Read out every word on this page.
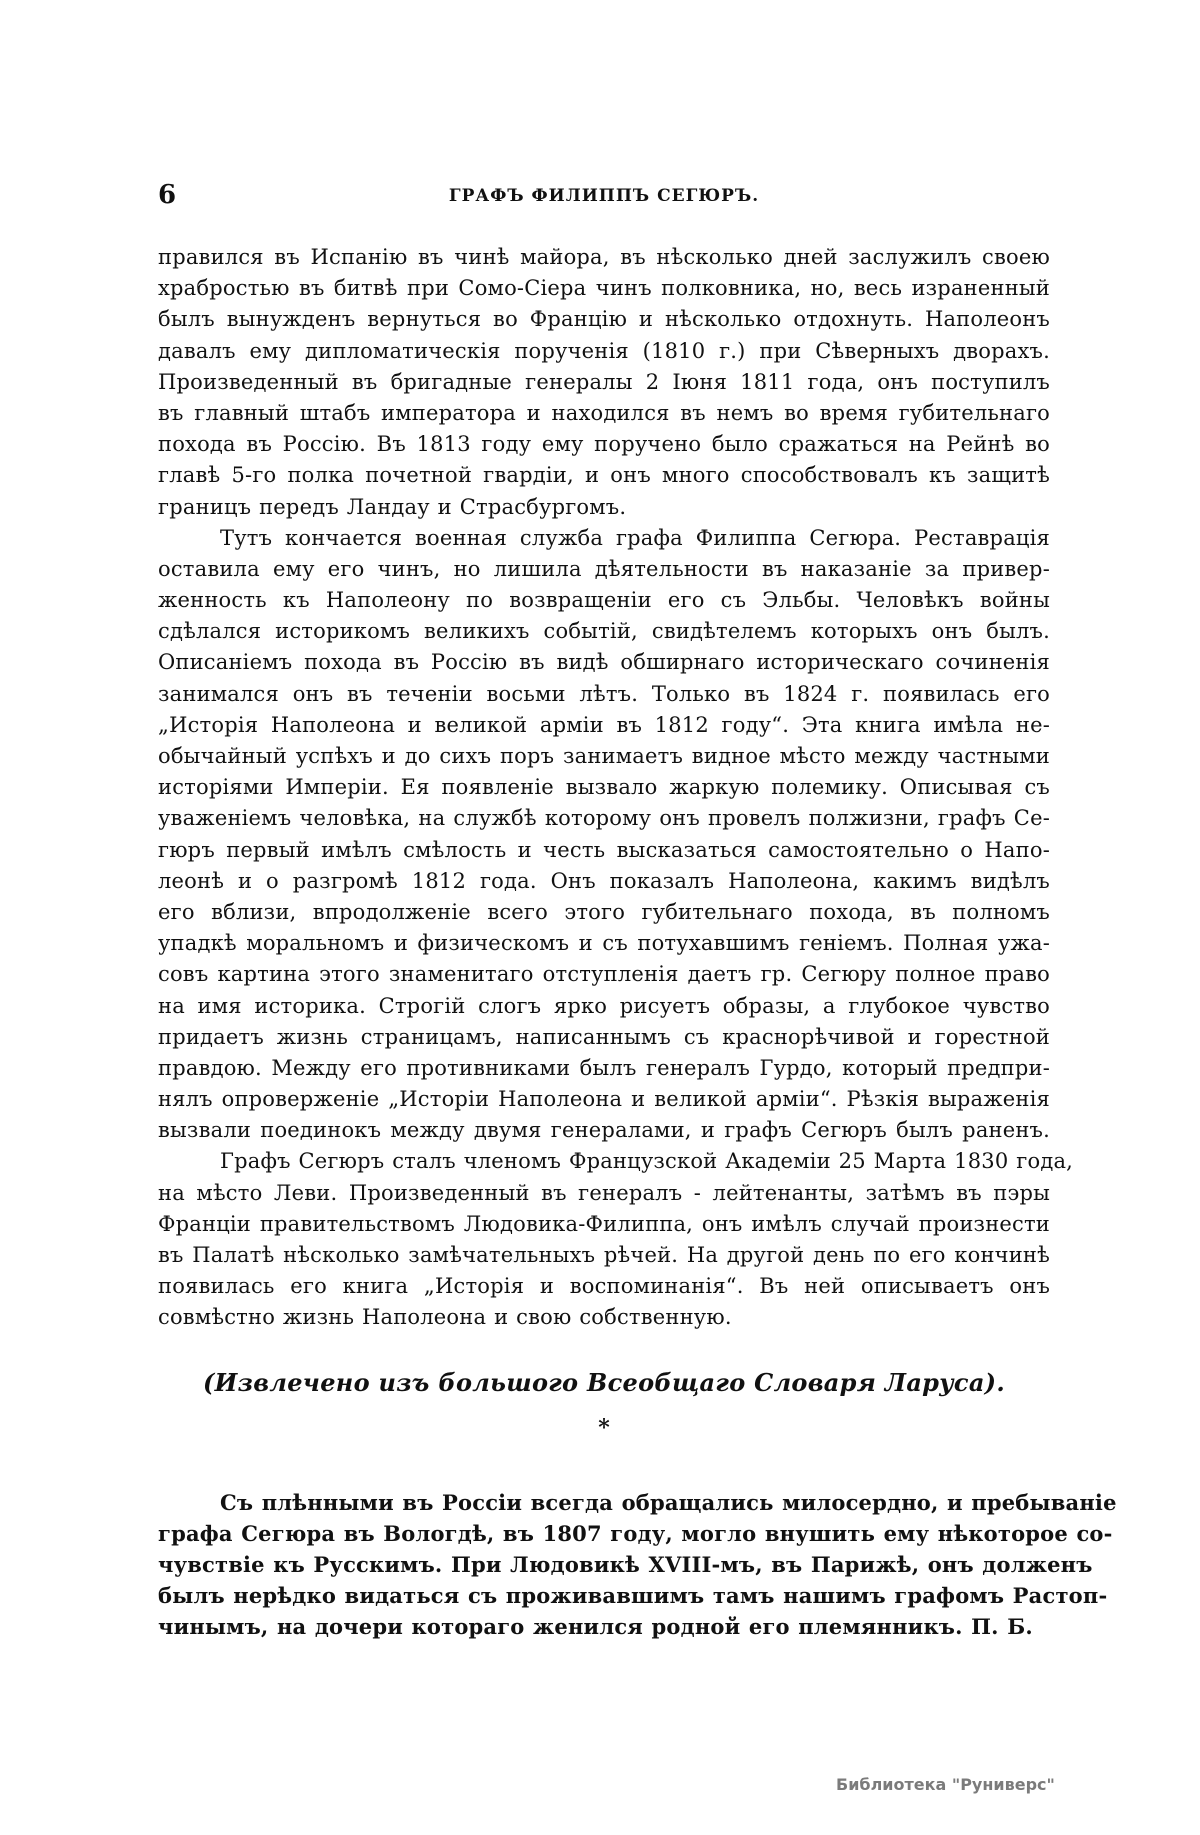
6	ГРАФЪ ФИЛИППЪ СЕГЮРЪ.
правился въ Испанію въ чинѣ майора, въ нѣсколько дней заслужилъ своею
храбростью въ битвѣ при Сомо-Сіера чинъ полковника, но, весь израненный
былъ вынужденъ вернуться во Францію и нѣсколько отдохнуть. Наполеонъ
давалъ ему дипломатическія порученія (1810 г.) при Сѣверныхъ дворахъ.
Произведенный въ бригадные генералы 2 Іюня 1811 года, онъ поступилъ
въ главный штабъ императора и находился въ немъ во время губительнаго
похода въ Россію. Въ 1813 году ему поручено было сражаться на Рейнѣ во
главѣ 5-го полка почетной гвардіи, и онъ много способствовалъ къ защитѣ
границъ передъ Ландау и Страсбургомъ.
Тутъ кончается военная служба графа Филиппа Сегюра. Реставрація
оставила ему его чинъ, но лишила дѣятельности въ наказаніе за привер-
женность къ Наполеону по возвращеніи его съ Эльбы. Человѣкъ войны
сдѣлался историкомъ великихъ событій, свидѣтелемъ которыхъ онъ былъ.
Описаніемъ похода въ Россію въ видѣ обширнаго историческаго сочиненія
занимался онъ въ теченіи восьми лѣтъ. Только въ 1824 г. появилась его
„Исторія Наполеона и великой арміи въ 1812 году“. Эта книга имѣла не-
обычайный успѣхъ и до сихъ поръ занимаетъ видное мѣсто между частными
исторіями Имперіи. Ея появленіе вызвало жаркую полемику. Описывая съ
уваженіемъ человѣка, на службѣ которому онъ провелъ полжизни, графъ Се-
гюръ первый имѣлъ смѣлость и честь высказаться самостоятельно о Напо-
леонѣ и о разгромѣ 1812 года. Онъ показалъ Наполеона, какимъ видѣлъ
его вблизи, впродолженіе всего этого губительнаго похода, въ полномъ
упадкѣ моральномъ и физическомъ и съ потухавшимъ геніемъ. Полная ужа-
совъ картина этого знаменитаго отступленія даетъ гр. Сегюру полное право
на имя историка. Строгій слогъ ярко рисуетъ образы, а глубокое чувство
придаетъ жизнь страницамъ, написаннымъ съ краснорѣчивой и горестной
правдою. Между его противниками былъ генералъ Гурдо, который предпри-
нялъ опроверженіе „Исторіи Наполеона и великой арміи“. Рѣзкія выраженія
вызвали поединокъ между двумя генералами, и графъ Сегюръ былъ раненъ.
Графъ Сегюръ сталъ членомъ Французской Академіи 25 Марта 1830 года,
на мѣсто Леви. Произведенный въ генералъ - лейтенанты, затѣмъ въ пэры
Франціи правительствомъ Людовика-Филиппа, онъ имѣлъ случай произнести
въ Палатѣ нѣсколько замѣчательныхъ рѣчей. На другой день по его кончинѣ
появилась его книга „Исторія и воспоминанія“. Въ ней описываетъ онъ
совмѣстно жизнь Наполеона и свою собственную.
(Извлечено изъ большого Всеобщаго Словаря Ларуса).
*
Съ плѣнными въ Россіи всегда обращались милосердно, и пребываніе
графа Сегюра въ Вологдѣ, въ 1807 году, могло внушить ему нѣкоторое со-
чувствіе къ Русскимъ. При Людовикѣ XVIII-мъ, въ Парижѣ, онъ долженъ
былъ нерѣдко видаться съ проживавшимъ тамъ нашимъ графомъ Растоп-
чинымъ, на дочери котораго женился родной его племянникъ. П. Б.
Библиотека "Руниверс"
